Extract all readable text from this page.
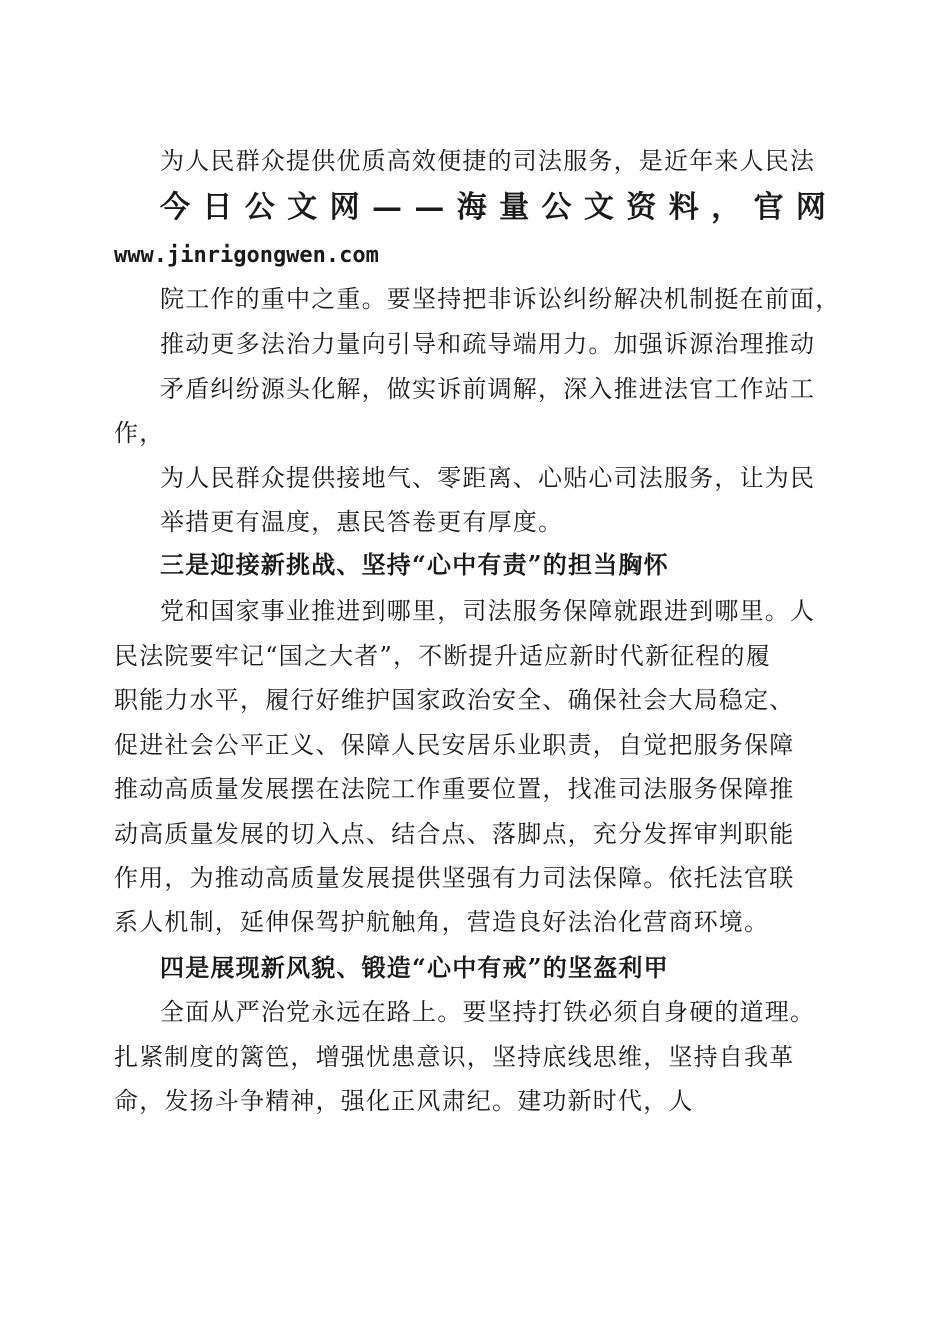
为人民群众提供优质高效便捷的司法服务，是近年来人民法
今 日 公 文 网 — — 海 量 公 文 资 料 ， 官 网
www.jinrigongwen.com
院工作的重中之重。要坚持把非诉讼纠纷解决机制挺在前面，
推动更多法治力量向引导和疏导端用力。加强诉源治理推动
矛盾纠纷源头化解，做实诉前调解，深入推进法官工作站工
作，
为人民群众提供接地气、零距离、心贴心司法服务，让为民
举措更有温度，惠民答卷更有厚度。
三是迎接新挑战、坚持“心中有责”的担当胸怀
党和国家事业推进到哪里，司法服务保障就跟进到哪里。人
民法院要牢记“国之大者”，不断提升适应新时代新征程的履
职能力水平，履行好维护国家政治安全、确保社会大局稳定、
促进社会公平正义、保障人民安居乐业职责，自觉把服务保障
推动高质量发展摆在法院工作重要位置，找准司法服务保障推
动高质量发展的切入点、结合点、落脚点，充分发挥审判职能
作用，为推动高质量发展提供坚强有力司法保障。依托法官联
系人机制，延伸保驾护航触角，营造良好法治化营商环境。
四是展现新风貌、锻造“心中有戒”的坚盔利甲
全面从严治党永远在路上。要坚持打铁必须自身硬的道理。
扎紧制度的篱笆，增强忧患意识，坚持底线思维，坚持自我革
命，发扬斗争精神，强化正风肃纪。建功新时代，人
